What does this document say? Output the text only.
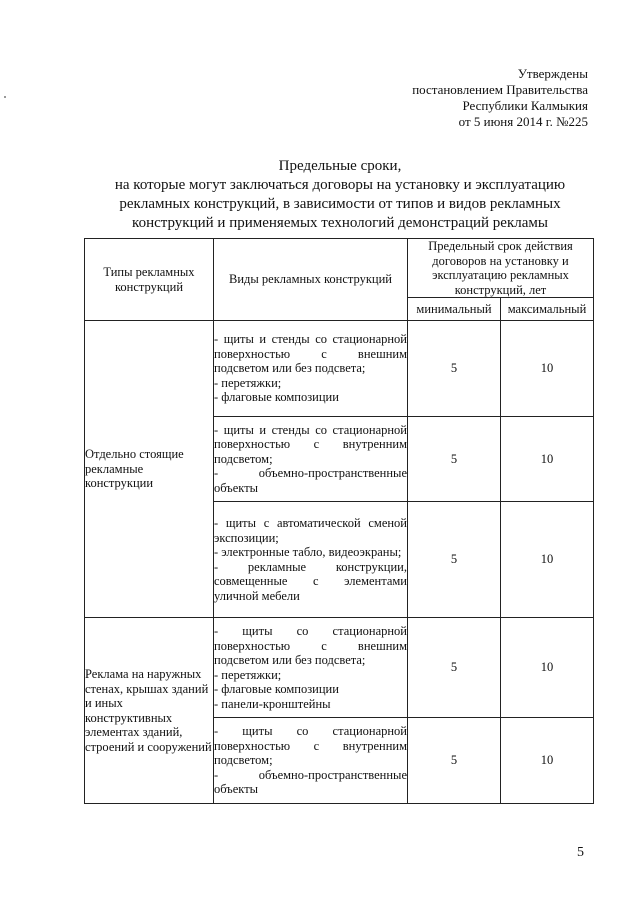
Утверждены
постановлением Правительства
Республики Калмыкия
от 5 июня 2014 г. №225
Предельные сроки,
на которые могут заключаться договоры на установку и эксплуатацию
рекламных конструкций, в зависимости от типов и видов рекламных
конструкций и применяемых технологий демонстраций рекламы
Типы рекламных конструкций	Виды рекламных конструкций	Предельный срок действия договоров на установку и эксплуатацию рекламных конструкций, лет	
		минимальный	максимальный
Отдельно стоящие рекламные конструкции	- щиты и стенды со стационарной поверхностью с внешним подсветом или без подсвета;
- перетяжки;
- флаговые композиции	5	10

	- щиты и стенды со стационарной поверхностью с внутренним подсветом;
- объемно-пространственные объекты	5	10

	- щиты с автоматической сменой экспозиции;
- электронные табло, видеоэкраны;
- рекламные конструкции, совмещенные с элементами уличной мебели	5	10
Реклама на наружных стенах, крышах зданий и иных конструктивных элементах зданий, строений и сооружений	- щиты со стационарной поверхностью с внешним подсветом или без подсвета;
- перетяжки;
- флаговые композиции
- панели-кронштейны	5	10

	- щиты со стационарной поверхностью с внутренним подсветом;
- объемно-пространственные объекты	5	10
5
